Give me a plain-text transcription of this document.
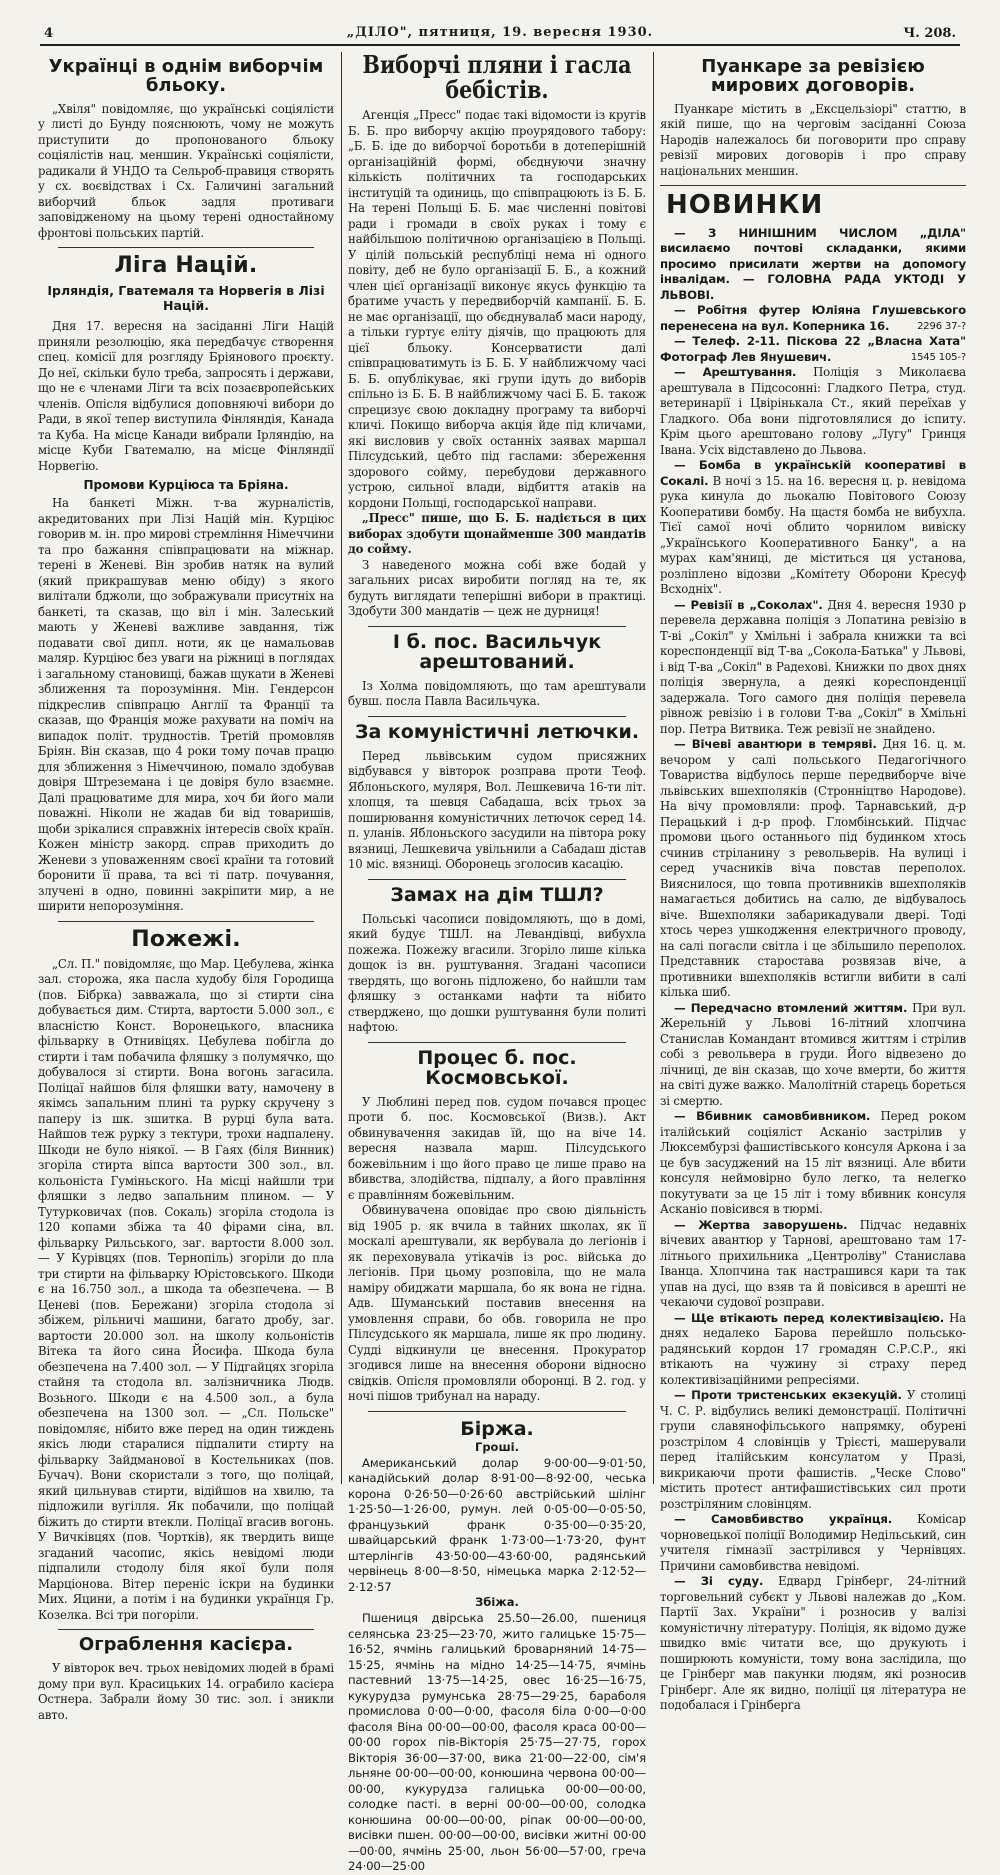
4	„ДІЛО", пятниця, 19. вересня 1930.	Ч. 208.
Українці в однім виборчім бльоку.

„Хвіля" повідомляє, що українські соціялісти у листі до Бунду пояснюють, чому не можуть приступити до пропонованого бльоку соціялістів нац. меншин. Українські соціялісти, радикали й УНДО та Сельроб-правиця створять у сх. воєвідствах і Сх. Галичині загальний виборчий бльок задля противаги заповідженому на цьому терені одностайному фронтові польських партій.

Ліга Націй.
Ірляндія, Гватемаля та Норвегія в Лізі Націй.

Дня 17. вересня на засіданні Ліги Націй приняли резолюцію, яка передбачує створення спец. комісії для розгляду Бріянового проєкту. До неї, скільки було треба, запросять і держави, що не є членами Ліги та всіх позаєвропейських членів. Опісля відбулися доповняючі вибори до Ради, в якої тепер виступила Фінляндія, Канада та Куба. На місце Канади вибрали Ірляндію, на місце Куби Гватемалю, на місце Фінляндії Норвегію.

Промови Курціюса та Бріяна.

На банкеті Міжн. т-ва журналістів, акредитованих при Лізі Націй мін. Курціюс говорив м. ін. про мирові стремління Німеччини та про бажання співпрацювати на міжнар. терені в Женеві. Він зробив натяк на вулий (який прикрашував меню обіду) з якого вилітали бджоли, що зображували присутніх на банкеті, та сказав, що віл і мін. Залеський мають у Женеві важливе завдання, тіж подавати свої дипл. ноти, як це намальовав маляр. Курціюс без уваги на ріжниці в поглядах і загальному становищі, бажав щукати в Женеві зближення та порозуміння. Мін. Гендерсон підкреслив співпрацю Англії та Франції та сказав, що Франція може рахувати на поміч на випадок політ. трудностів. Третій промовляв Бріян. Він сказав, що 4 роки тому почав працю для зближення з Німеччиною, помало здобував довіря Штреземана і це довіря було взаємне. Далі працюватиме для мира, хоч би його мали поважні. Ніколи не жадав би від товаришів, щоби зрікалися справжніх інтересів своїх країн. Кожен міністр закорд. справ приходить до Женеви з уповаженням своєї країни та готовий боронити її права, та всі ті патр. почування, злучені в одно, повинні закріпити мир, а не ширити непорозуміння.

Пожежі.

„Сл. П." повідомляє, що Мар. Цебулева, жінка зал. сторожа, яка пасла худобу біля Городища (пов. Бібрка) завважала, що зі стирти сіна добувається дим. Стирта, вартости 5.000 зол., є власністю Конст. Воронецького, власника фільварку в Отнивіцях. Цебулева побігла до стирти і там побачила фляшку з полумячко, що добувалося зі стирти. Вона вогонь загасила. Поліцаї найшов біля фляшки вату, намочену в якімсь запальним плині та рурку скручену з паперу із шк. зшитка. В рурці була вата. Найшов теж рурку з тектури, трохи надпалену. Шкоди не було ніякої. — В Гаях (біля Винник) згоріла стирта віпса вартости 300 зол., вл. кольоніста Гуміньского. На місці найшли три фляшки з ледво запальним плином. — У Тутурковичах (пов. Сокаль) згоріла стодола із 120 копами збіжа та 40 фірами сіна, вл. фільварку Рильського, заг. вартости 8.000 зол. — У Курівцях (пов. Тернопіль) згоріли до пла три стирти на фільварку Юрістовського. Шкоди є на 16.750 зол., а шкода та обезпечена. — В Ценеві (пов. Бережани) згоріла стодола зі збіжем, рільничі машини, багато дробу, заг. вартости 20.000 зол. на школу кольоністів Вітека та його сина Йосифа. Шкода була обезпечена на 7.400 зол. — У Підгайцях згоріла стайня та стодола вл. залізничника Людв. Возьного. Шкоди є на 4.500 зол., а була обезпечена на 1300 зол. — „Сл. Польске" повідомляє, нібито вже перед на один тиждень якісь люди старалися підпалити стирту на фільварку Зайдманової в Костельниках (пов. Бучач). Вони скористали з того, що поліцай, який цильнував стирти, відійшов на хвилю, та підложили вугілля. Як побачили, що поліцай біжить до стирти втекли. Поліцаї вгасив вогонь. У Вичківцях (пов. Чортків), як твердить вище згаданий часопис, якісь невідомі люди підпалили стодолу біля якої були поля Марціонова. Вітер переніс іскри на будинки Мих. Яцини, а потім і на будинки українця Гр. Козелка. Всі три погоріли.

Ограблення касієра.

У вівторок веч. трьох невідомих людей в брамі дому при вул. Красицьких 14. ограбило касієра Остнера. Забрали йому 30 тис. зол. і зникли авто.

Виборчі пляни і гасла бебістів.

Агенція „Пресс" подає такі відомости із кругів Б. Б. про виборчу акцію проурядового табору: „Б. Б. іде до виборчої боротьби в дотеперішній організаційній формі, обєднуючи значну кількість політичних та господарських інституцій та одиниць, що співпрацюють із Б. Б. На терені Польщі Б. Б. має численні повітові ради і громади в своїх руках і тому є найбільшою політичною організацією в Польщі. У цілій польській республіці нема ні одного повіту, деб не було організації Б. Б., а кожний член цієї організації виконує якусь функцію та братиме участь у передвиборчій кампанії. Б. Б. не має організації, що обєднувалаб маси народу, а тільки гуртує еліту діячів, що працюють для цієї бльоку. Консерватисти далі співпрацюватимуть із Б. Б. У найближчому часі Б. Б. опублікуває, які групи ідуть до виборів спільно із Б. Б. В найближчому часі Б. Б. також спрецизує свою докладну програму та виборчі кличі. Покищо виборча акція йде під кличами, які висловив у своїх останніх заявах маршал Пілсудський, цебто під гаслами: збереження здорового сойму, перебудови державного устрою, сильної влади, відбиття атаків на кордони Польщі, господарської направи.

„Пресс" пише, що Б. Б. надіється в цих виборах здобути щонайменше 300 мандатів до сойму.

З наведеного можна собі вже бодай у загальних рисах виробити погляд на те, як будуть виглядати теперішні вибори в практиці. Здобути 300 мандатів — цеж не дурниця!

І б. пос. Васильчук арештований.

Із Холма повідомляють, що там арештували бувш. посла Павла Васильчука.

За комуністичні летючки.

Перед львівським судом присяжних відбувався у вівторок розправа проти Теоф. Яблоньского, муляря, Вол. Лешкевича 16-ти літ. хлопця, та шевця Сабадаша, всіх трьох за поширювання комуністичних летючок серед 14. п. уланів. Яблоньского засудили на півтора року вязниці, Лешкевича увільнили а Сабадаш дістав 10 міс. вязниці. Оборонець зголосив касацію.

Замах на дім ТШЛ?

Польські часописи повідомляють, що в домі, який будує ТШЛ. на Левандівці, вибухла пожежа. Пожежу вгасили. Згоріло лише кілька дощок із вн. руштування. Згадані часописи твердять, що вогонь підложено, бо найшли там фляшку з останками нафти та нібито стверджено, що дошки руштування були политі нафтою.

Процес б. пос. Космовської.

У Люблині перед пов. судом почався процес проти б. пос. Космовської (Визв.). Акт обвинувачення закидав їй, що на віче 14. вересня назвала марш. Пілсудського божевільним і що його право це лише право на вбивства, злодійства, підпалу, а його правління є правлінням божевільним.

Обвинувачена оповідає про свою діяльність від 1905 р. як вчила в тайних школах, як її москалі арештували, як вербувала до легіонів і як переховувала утікачів із рос. війська до легіонів. При цьому розповіла, що не мала наміру обиджати маршала, бо як вона не гідна. Адв. Шуманський поставив внесення на умовлення справи, бо обв. говорила не про Пілсудського як маршала, лише як про людину. Судді відкинули це внесення. Прокуратор згодився лише на внесення оборони відносно свідків. Опісля промовляли оборонці. В 2. год. у ночі пішов трибунал на нараду.

Біржа.
Гроші.

Американський долар 9·00·00—9·01·50, канадійський долар 8·91·00—8·92·00, чеська корона 0·26·50—0·26·60 австрійський шілінг 1·25·50—1·26·00, румун. лей 0·05·00—0·05·50, французький франк 0·35·00—0·35·20, швайцарський франк 1·73·00—1·73·20, фунт штерлінгів 43·50·00—43·60·00, радянський червінець 8·00—8·50, німецька марка 2·12·52—2·12·57

Збіжа.

Пшениця двірська 25.50—26.00, пшениця селянська 23·25—23·70, жито галицьке 15·75—16·52, ячмінь галицький броварняний 14·75—15·25, ячмінь на мідно 14·25—14·75, ячмінь пастевний 13·75—14·25, овес 16·25—16·75, кукурудза румунська 28·75—29·25, бараболя промислова 0·00—0·00, фасоля біла 0·00—0·00 фасоля Віна 00·00—00·00, фасоля краса 00·00—00·00 горох пів-Вікторія 25·75—27·75, горох Вікторія 36·00—37·00, вика 21·00—22·00, сім'я льняне 00·00—00·00, конюшина червона 00·00—00·00, кукурудза галицька 00·00—00·00, солодке пасті. в верні 00·00—00·00, солодка конюшина 00·00—00·00, ріпак 00·00—00·00, висівки пшен. 00·00—00·00, висівки житні 00·00—00·00, ячмінь 25·00, льон 56·00—57·00, греча 24·00—25·00

Пуанкаре за ревізією мирових договорів.

Пуанкаре містить в „Ексцельзіорі" статтю, в якій пише, що на черговім засіданні Союза Народів належалось би поговорити про справу ревізії мирових договорів і про справу національних меншин.

НОВИНКИ

— З НИНІШНИМ ЧИСЛОМ „ДІЛА" висилаємо почтові складанки, якими просимо присилати жертви на допомогу інвалідам. — ГОЛОВНА РАДА УКТОДІ У ЛЬВОВІ.

— Робітня футер Юліяна Глушевського перенесена на вул. Коперника 16.	2296 37-?

— Телеф. 2-11. Піскова 22 „Власна Хата" Фотограф Лев Янушевич.	1545 105-?

— Арештування. Поліція з Миколаєва арештувала в Підсосонні: Гладкого Петра, студ. ветеринарії і Цвірінькала Ст., який переїхав у Гладкого. Оба вони підготовлялися до іспиту. Крім цього арештовано голову „Лугу" Гринця Івана. Усіх відставлено до Львова.

— Бомба в українській кооперативі в Сокалі. В ночі з 15. на 16. вересня ц. р. невідома рука кинула до льокалю Повітового Союзу Кооперативи бомбу. На щастя бомба не вибухла. Тієї самої ночі облито чорнилом вивіску „Українського Кооперативного Банку", а на мурах кам'яниці, де міститься ця установа, розліплено відозви „Комітету Оборони Кресуф Всходніх".

— Ревізії в „Соколах". Дня 4. вересня 1930 р перевела державна поліція з Лопатина ревізію в Т-ві „Сокіл" у Хмільні і забрала книжки та всі кореспонденції від Т-ва „Сокола-Батька" у Львові, і від Т-ва „Сокіл" в Радехові. Книжки по двох днях поліція звернула, а деякі кореспонденції задержала. Того самого дня поліція перевела рівнож ревізію і в голови Т-ва „Сокіл" в Хмільні пор. Петра Витвика. Теж ревізії не знайдено.

— Вічеві авантюри в темряві. Дня 16. ц. м. вечором у салі польського Педагогічного Товариства відбулось перше передвиборче віче львівських вшехполяків (Стронніцтво Народове). На вічу промовляли: проф. Тарнавський, д-р Перацький і д-р проф. Гломбінський. Підчас промови цього останнього під будинком хтось счинив стріланину з револьверів. На вулиці і серед учасників віча повстав переполох. Вияснилося, що товпа противників вшехполяків намагається добитись на салю, де відбувалось віче. Вшехполяки забарикадували двері. Тоді хтось через ушкодження електричного проводу, на салі погасли світла і це збільшило переполох. Представник старостава розвязав віче, а противники вшехполяків встигли вибити в салі кілька шиб.

— Передчасно втомлений життям. При вул. Жерельній у Львові 16-літний хлопчина Станислав Командант втомився життям і стрілив собі з револьвера в груди. Його відвезено до лічниці, де він сказав, що хоче вмерти, бо життя на світі дуже важко. Малолітній старець бореться зі смертю.

— Вбивник самовбивником. Перед роком італійський соціяліст Асканіо застрілив у Люксембурзі фашистівського консуля Арконa і за це був засуджений на 15 літ вязниці. Але вбити консуля неймовірно було легко, та нелегко покутувати за це 15 літ і тому вбивник консуля Асканіо повісився в тюрмі.

— Жертва заворушень. Підчас недавніх вічевих авантюр у Тарнові, арештовано там 17-літнього прихильника „Центроліву" Станислава Іванца. Хлопчина так настрашився кари та так упав на дусі, що взяв та й повісився в арешті не чекаючи судової розправи.

— Ще втікають перед колективізацією. На днях недалеко Барова перейшло польсько-радянський кордон 17 громадян С.Р.С.Р., які втікають на чужину зі страху перед колективізаційними репресіями.

— Проти тристенських екзекуцій. У столиці Ч. С. Р. відбулись великі демонстрації. Політичні групи славянофільського напрямку, обурені розстрілом 4 словінців у Трієсті, машерували перед італійським консулатом у Празі, викрикаючи проти фашистів. „Ческе Слово" містить протест антифашистівських сил проти розстріляним словінцям.

— Самовбивство українця. Комісар чорновецької поліції Володимир Недільський, син учителя гімназії застрілився у Чернівцях. Причини самовбивства невідомі.

— Зі суду. Едвард Грінберг, 24-літний торговельний субєкт у Львові належав до „Ком. Партії Зах. України" і розносив у валізі комуністичну літературу. Поліція, як відомо дуже швидко вміє читати все, що друкують і поширюють комуністи, тому вона заслідила, що це Грінберг мав пакунки людям, які розносив Грінберг. Але як видно, поліції ця література не подобалася і Грінберга
